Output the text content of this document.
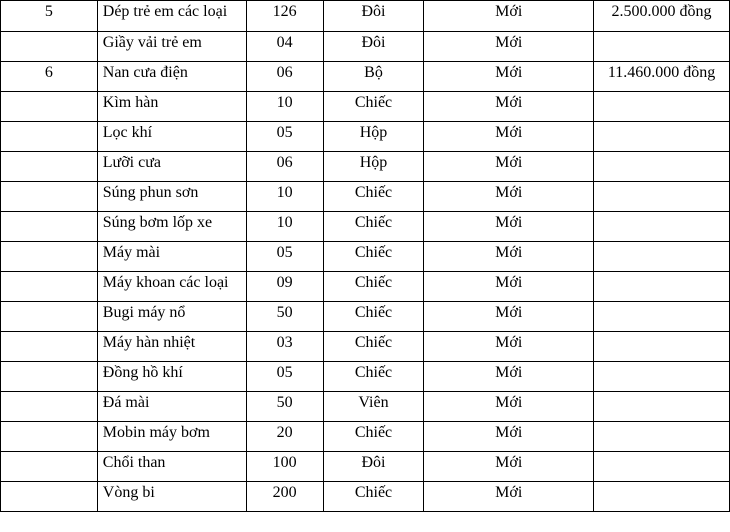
5	Dép trẻ em các loại	126	Đôi	Mới	2.500.000 đồng

	Giầy vải trẻ em	04	Đôi	Mới	

6	Nan cưa điện	06	Bộ	Mới	11.460.000 đồng

	Kìm hàn	10	Chiếc	Mới	

	Lọc khí	05	Hộp	Mới	

	Lưỡi cưa	06	Hộp	Mới	

	Súng phun sơn	10	Chiếc	Mới	

	Súng bơm lốp xe	10	Chiếc	Mới	

	Máy mài	05	Chiếc	Mới	

	Máy khoan các loại	09	Chiếc	Mới	

	Bugi máy nổ	50	Chiếc	Mới	

	Máy hàn nhiệt	03	Chiếc	Mới	

	Đồng hồ khí	05	Chiếc	Mới	

	Đá mài	50	Viên	Mới	

	Mobin máy bơm	20	Chiếc	Mới	

	Chổi than	100	Đôi	Mới	

	Vòng bi	200	Chiếc	Mới	
